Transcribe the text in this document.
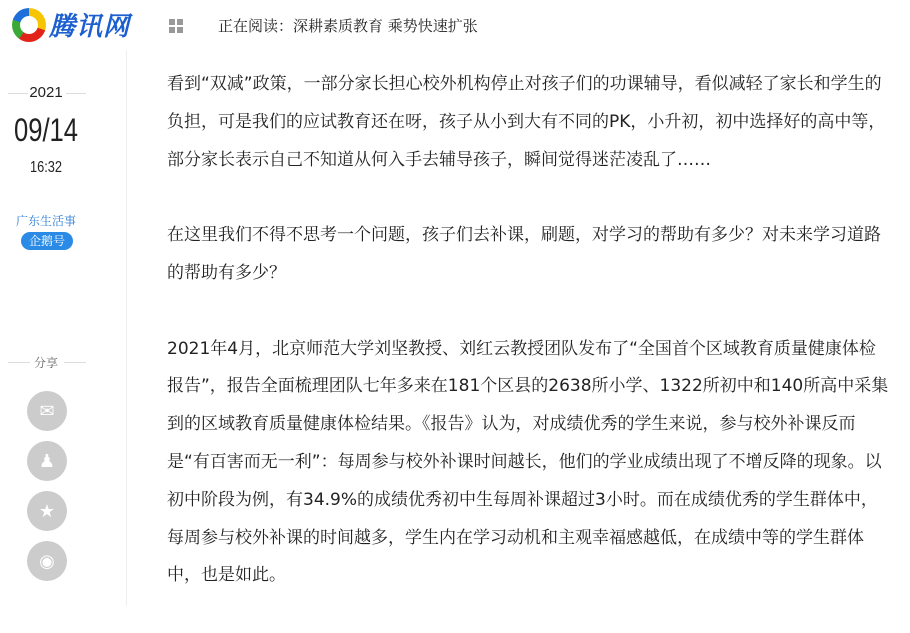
腾讯网	正在阅读：深耕素质教育 乘势快速扩张
2021
09/14
16:32
广东生活事
企鹅号
分享
✉
♟
★
◉

看到“双减”政策，一部分家长担心校外机构停止对孩子们的功课辅导，看似减轻了家长和学生的负担，可是我们的应试教育还在呀，孩子从小到大有不同的PK，小升初，初中选择好的高中等，部分家长表示自己不知道从何入手去辅导孩子，瞬间觉得迷茫凌乱了……

在这里我们不得不思考一个问题，孩子们去补课，刷题，对学习的帮助有多少？对未来学习道路的帮助有多少？

2021年4月，北京师范大学刘坚教授、刘红云教授团队发布了“全国首个区域教育质量健康体检报告”，报告全面梳理团队七年多来在181个区县的2638所小学、1322所初中和140所高中采集到的区域教育质量健康体检结果。《报告》认为，对成绩优秀的学生来说，参与校外补课反而是“有百害而无一利”：每周参与校外补课时间越长，他们的学业成绩出现了不增反降的现象。以初中阶段为例，有34.9%的成绩优秀初中生每周补课超过3小时。而在成绩优秀的学生群体中，每周参与校外补课的时间越多，学生内在学习动机和主观幸福感越低，在成绩中等的学生群体中，也是如此。
